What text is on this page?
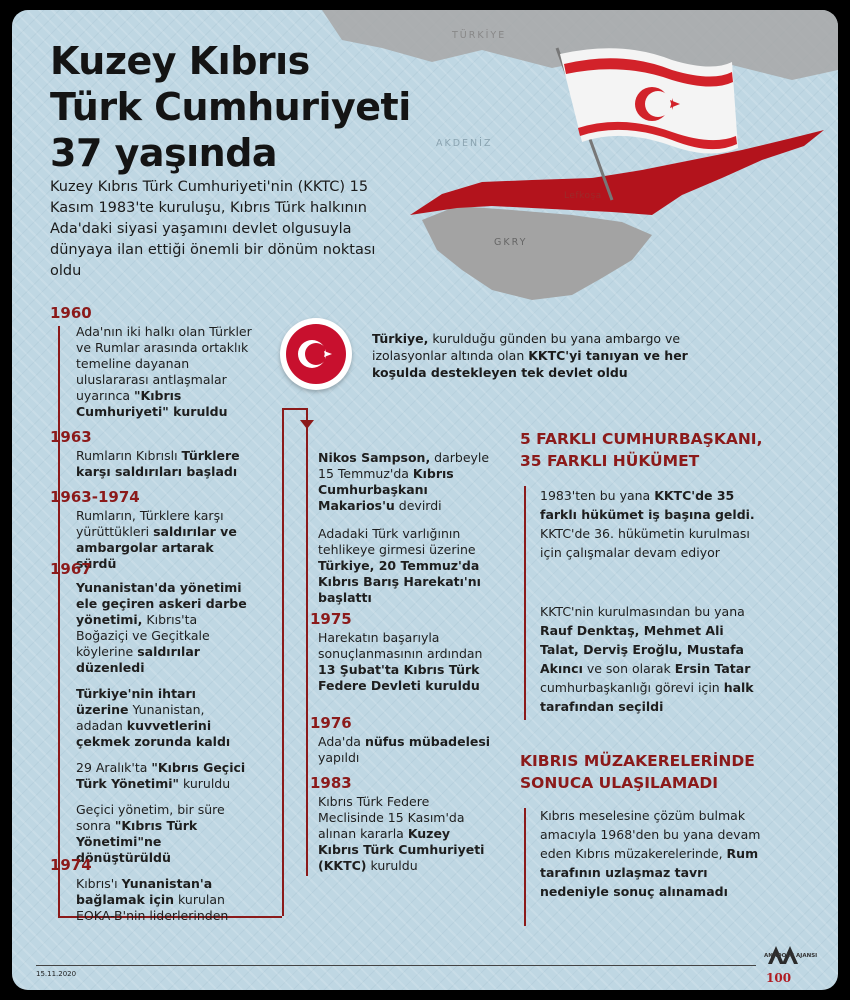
TÜRKİYE
AKDENİZ
Lefkoşa
GKRY
Kuzey Kıbrıs
Türk Cumhuriyeti
37 yaşında
Kuzey Kıbrıs Türk Cumhuriyeti'nin (KKTC) 15 Kasım 1983'te kuruluşu, Kıbrıs Türk halkının Ada'daki siyasi yaşamını devlet olgusuyla dünyaya ilan ettiği önemli bir dönüm noktası oldu
Türkiye, kurulduğu günden bu yana ambargo ve izolasyonlar altında olan KKTC'yi tanıyan ve her koşulda destekleyen tek devlet oldu
1960
Ada'nın iki halkı olan Türkler ve Rumlar arasında ortaklık temeline dayanan uluslararası antlaşmalar uyarınca "Kıbrıs Cumhuriyeti" kuruldu
1963
Rumların Kıbrıslı Türklere karşı saldırıları başladı
1963-1974
Rumların, Türklere karşı yürüttükleri saldırılar ve ambargolar artarak sürdü
1967
Yunanistan'da yönetimi ele geçiren askeri darbe yönetimi, Kıbrıs'ta Boğaziçi ve Geçitkale köylerine saldırılar düzenledi
Türkiye'nin ihtarı üzerine Yunanistan, adadan kuvvetlerini çekmek zorunda kaldı
29 Aralık'ta "Kıbrıs Geçici Türk Yönetimi" kuruldu
Geçici yönetim, bir süre sonra "Kıbrıs Türk Yönetimi"ne dönüştürüldü
1974
Kıbrıs'ı Yunanistan'a bağlamak için kurulan EOKA-B'nin liderlerinden
Nikos Sampson, darbeyle 15 Temmuz'da Kıbrıs Cumhurbaşkanı Makarios'u devirdi
Adadaki Türk varlığının tehlikeye girmesi üzerine Türkiye, 20 Temmuz'da Kıbrıs Barış Harekatı'nı başlattı
1975
Harekatın başarıyla sonuçlanmasının ardından 13 Şubat'ta Kıbrıs Türk Federe Devleti kuruldu
1976
Ada'da nüfus mübadelesi yapıldı
1983
Kıbrıs Türk Federe Meclisinde 15 Kasım'da alınan kararla Kuzey Kıbrıs Türk Cumhuriyeti (KKTC) kuruldu
5 FARKLI CUMHURBAŞKANI,
35 FARKLI HÜKÜMET
1983'ten bu yana KKTC'de 35 farklı hükümet iş başına geldi. KKTC'de 36. hükümetin kurulması için çalışmalar devam ediyor
KKTC'nin kurulmasından bu yana Rauf Denktaş, Mehmet Ali Talat, Derviş Eroğlu, Mustafa Akıncı ve son olarak Ersin Tatar cumhurbaşkanlığı görevi için halk tarafından seçildi
KIBRIS MÜZAKERELERİNDE
SONUCA ULAŞILAMADI
Kıbrıs meselesine çözüm bulmak amacıyla 1968'den bu yana devam eden Kıbrıs müzakerelerinde, Rum tarafının uzlaşmaz tavrı nedeniyle sonuç alınamadı
15.11.2020	100
ANADOLU AJANSI
